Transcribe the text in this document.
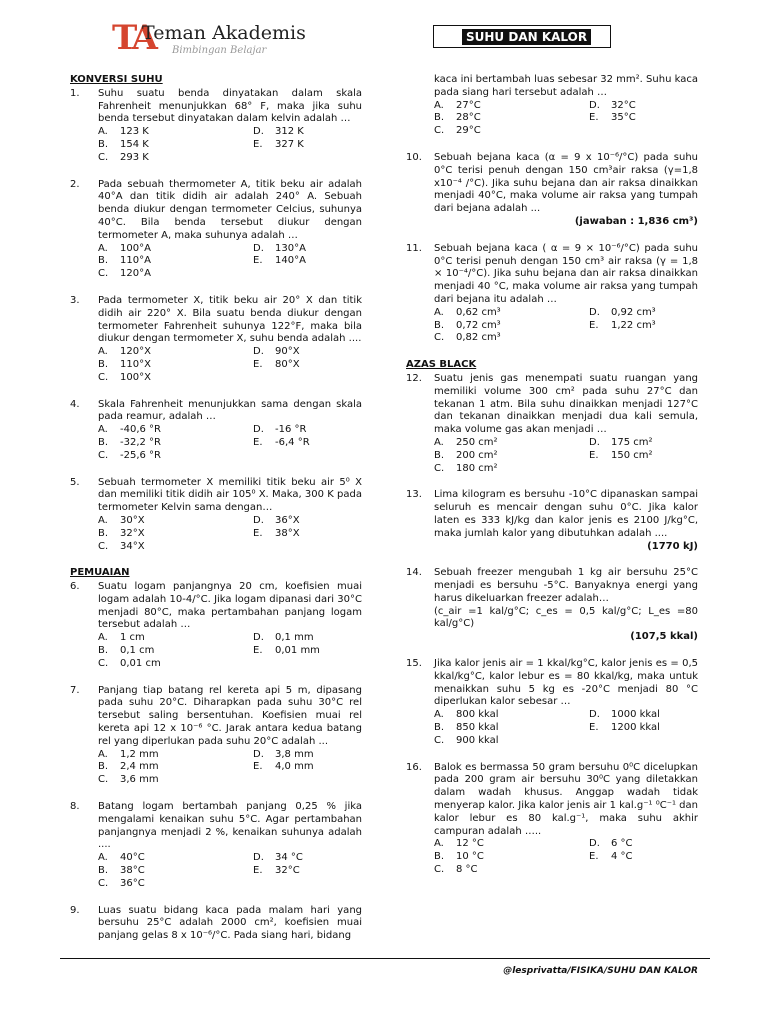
TA
Teman Akademis
Bimbingan Belajar
SUHU DAN KALOR
KONVERSI SUHU
1. Suhu suatu benda dinyatakan dalam skala Fahrenheit menunjukkan 68° F, maka jika suhu benda tersebut dinyatakan dalam kelvin adalah …
A. 123 K	D. 312 K
B. 154 K	E. 327 K
C. 293 K
2. Pada sebuah thermometer A, titik beku air adalah 40°A dan titik didih air adalah 240° A. Sebuah benda diukur dengan termometer Celcius, suhunya 40°C. Bila benda tersebut diukur dengan termometer A, maka suhunya adalah …
A. 100°A	D. 130°A
B. 110°A	E. 140°A
C. 120°A
3. Pada termometer X, titik beku air 20° X dan titik didih air 220° X. Bila suatu benda diukur dengan termometer Fahrenheit suhunya 122°F, maka bila diukur dengan termometer X, suhu benda adalah ....
A. 120°X	D. 90°X
B. 110°X	E. 80°X
C. 100°X
4. Skala Fahrenheit menunjukkan sama dengan skala pada reamur, adalah …
A. -40,6 °R	D. -16 °R
B. -32,2 °R	E. -6,4 °R
C. -25,6 °R
5. Sebuah termometer X memiliki titik beku air 5⁰ X dan memiliki titik didih air 105⁰ X. Maka, 300 K pada termometer Kelvin sama dengan…
A. 30°X	D. 36°X
B. 32°X	E. 38°X
C. 34°X
PEMUAIAN
6. Suatu logam panjangnya 20 cm, koefisien muai logam adalah 10-4/°C. Jika logam dipanasi dari 30°C menjadi 80°C, maka pertambahan panjang logam tersebut adalah …
A. 1 cm	D. 0,1 mm
B. 0,1 cm	E. 0,01 mm
C. 0,01 cm
7. Panjang tiap batang rel kereta api 5 m, dipasang pada suhu 20°C. Diharapkan pada suhu 30°C rel tersebut saling bersentuhan. Koefisien muai rel kereta api 12 x 10⁻⁶ °C. Jarak antara kedua batang rel yang diperlukan pada suhu 20°C adalah ...
A. 1,2 mm	D. 3,8 mm
B. 2,4 mm	E. 4,0 mm
C. 3,6 mm
8. Batang logam bertambah panjang 0,25 % jika mengalami kenaikan suhu 5°C. Agar pertambahan panjangnya menjadi 2 %, kenaikan suhunya adalah ....
A. 40°C	D. 34 °C
B. 38°C	E. 32°C
C. 36°C
9. Luas suatu bidang kaca pada malam hari yang bersuhu 25°C adalah 2000 cm², koefisien muai panjang gelas 8 x 10⁻⁶/°C. Pada siang hari, bidang
kaca ini bertambah luas sebesar 32 mm². Suhu kaca pada siang hari tersebut adalah …
A. 27°C	D. 32°C
B. 28°C	E. 35°C
C. 29°C
10. Sebuah bejana kaca (α = 9 x 10⁻⁶/°C) pada suhu 0°C terisi penuh dengan 150 cm³air raksa (γ=1,8 x10⁻⁴ /°C). Jika suhu bejana dan air raksa dinaikkan menjadi 40°C, maka volume air raksa yang tumpah dari bejana adalah ...
(jawaban : 1,836 cm³)
11. Sebuah bejana kaca ( α = 9 × 10⁻⁶/°C) pada suhu 0°C terisi penuh dengan 150 cm³ air raksa (γ = 1,8 × 10⁻⁴/°C). Jika suhu bejana dan air raksa dinaikkan menjadi 40 °C, maka volume air raksa yang tumpah dari bejana itu adalah …
A. 0,62 cm³	D. 0,92 cm³
B. 0,72 cm³	E. 1,22 cm³
C. 0,82 cm³
AZAS BLACK
12. Suatu jenis gas menempati suatu ruangan yang memiliki volume 300 cm² pada suhu 27°C dan tekanan 1 atm. Bila suhu dinaikkan menjadi 127°C dan tekanan dinaikkan menjadi dua kali semula, maka volume gas akan menjadi …
A. 250 cm²	D. 175 cm²
B. 200 cm²	E. 150 cm²
C. 180 cm²
13. Lima kilogram es bersuhu -10°C dipanaskan sampai seluruh es mencair dengan suhu 0°C. Jika kalor laten es 333 kJ/kg dan kalor jenis es 2100 J/kg°C, maka jumlah kalor yang dibutuhkan adalah ....
(1770 kJ)
14. Sebuah freezer mengubah 1 kg air bersuhu 25°C menjadi es bersuhu -5°C. Banyaknya energi yang harus dikeluarkan freezer adalah…
(c_air =1 kal/g°C; c_es = 0,5 kal/g°C; L_es =80 kal/g°C)
(107,5 kkal)
15. Jika kalor jenis air = 1 kkal/kg°C, kalor jenis es = 0,5 kkal/kg°C, kalor lebur es = 80 kkal/kg, maka untuk menaikkan suhu 5 kg es -20°C menjadi 80 °C diperlukan kalor sebesar …
A. 800 kkal	D. 1000 kkal
B. 850 kkal	E. 1200 kkal
C. 900 kkal
16. Balok es bermassa 50 gram bersuhu 0⁰C dicelupkan pada 200 gram air bersuhu 30⁰C yang diletakkan dalam wadah khusus. Anggap wadah tidak menyerap kalor. Jika kalor jenis air 1 kal.g⁻¹ ⁰C⁻¹ dan kalor lebur es 80 kal.g⁻¹, maka suhu akhir campuran adalah …..
A. 12 °C	D. 6 °C
B. 10 °C	E. 4 °C
C. 8 °C
@lesprivatta/FISIKA/SUHU DAN KALOR
